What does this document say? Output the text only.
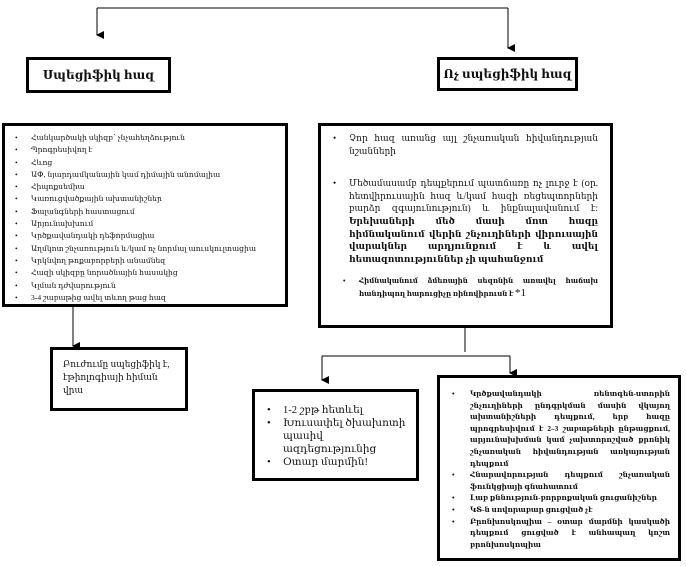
Սպեցիֆիկ հազ	Ոչ սպեցիֆիկ հազ
• Հանկարծակի սկիզբ՝ չնչահեղձություն
• Պրոգրեսիվող է
• Հևոց
• ԱՓ, նյարդամկանային կամ դիմային անոմալիա
• Հիպոքսեմիա
• Կառուցվածքային ախտանիշներ
• Ֆալանգների հաստացում
• Արյունախխում
• Կրծքավանդակի դեֆորմացիա
• Աղմկոտ շնչառություն և/կամ ոչ նորմալ աուսկուլտացիա
• Կրկնվող թոքաբորբերի անամնեզ
• Հազի սկիզբը նորածնային հասակից
• Կլման դժվարություն
• 3-4 շաբաթից ավել տևող թաց հազ
• Չոր հազ առանց այլ շնչառական հիվանդության նշանների
• Մեծամասամբ դեպքերում պատճառը ոչ լուրջ է (օր. հետվիրուսային հազ և/կամ հազի ռեցեպտորների բարձր զգայունություն) և ինքնալավանում է: Երեխաների մեծ մասի մոտ հազը հիմնականում վերին շնչուղիների վիրուսային վարակներ արդյունքում է և ավել հետազոտություններ չի պահանջում
• Հիմնականում ձմեռային սեզոնին առավել հաճախ հանդիպող հարուցիչը ռինովիրուսն է *1
Բուժումը սպեցիֆիկ է, էթիոլոգիայի հիման վրա
• 1-2 շբթ հետևել
• Խուսափել ծխախոտի պասիվ ազդեցությունից
• Օտար մարմին!
• Կրծքավանդակի ռենտգեն-ստորին շնչուղիների ընդգրկման մասին վկայող ախտանիշների դեպքում, երբ հազը պրոգրեսիվում է 2–3 շաբաթների ընթացքում, արյունախխման կամ չախտորոշված քրոնիկ շնչառական հիվանդության առկայության դեպքում
• Հնարավորության դեպքում շնչառական ֆունկցիայի գնահատում
• Լաբ քննություն-բորբոքական ցուցանիշներ
• ԿՏ-ն սովորաբար ցուցված չէ
• Բրոնխոսկոպիա – օտար մարմնի կասկածի դեպքում ցուցված է անհապաղ կոշտ բրոնխոսկոպիա
